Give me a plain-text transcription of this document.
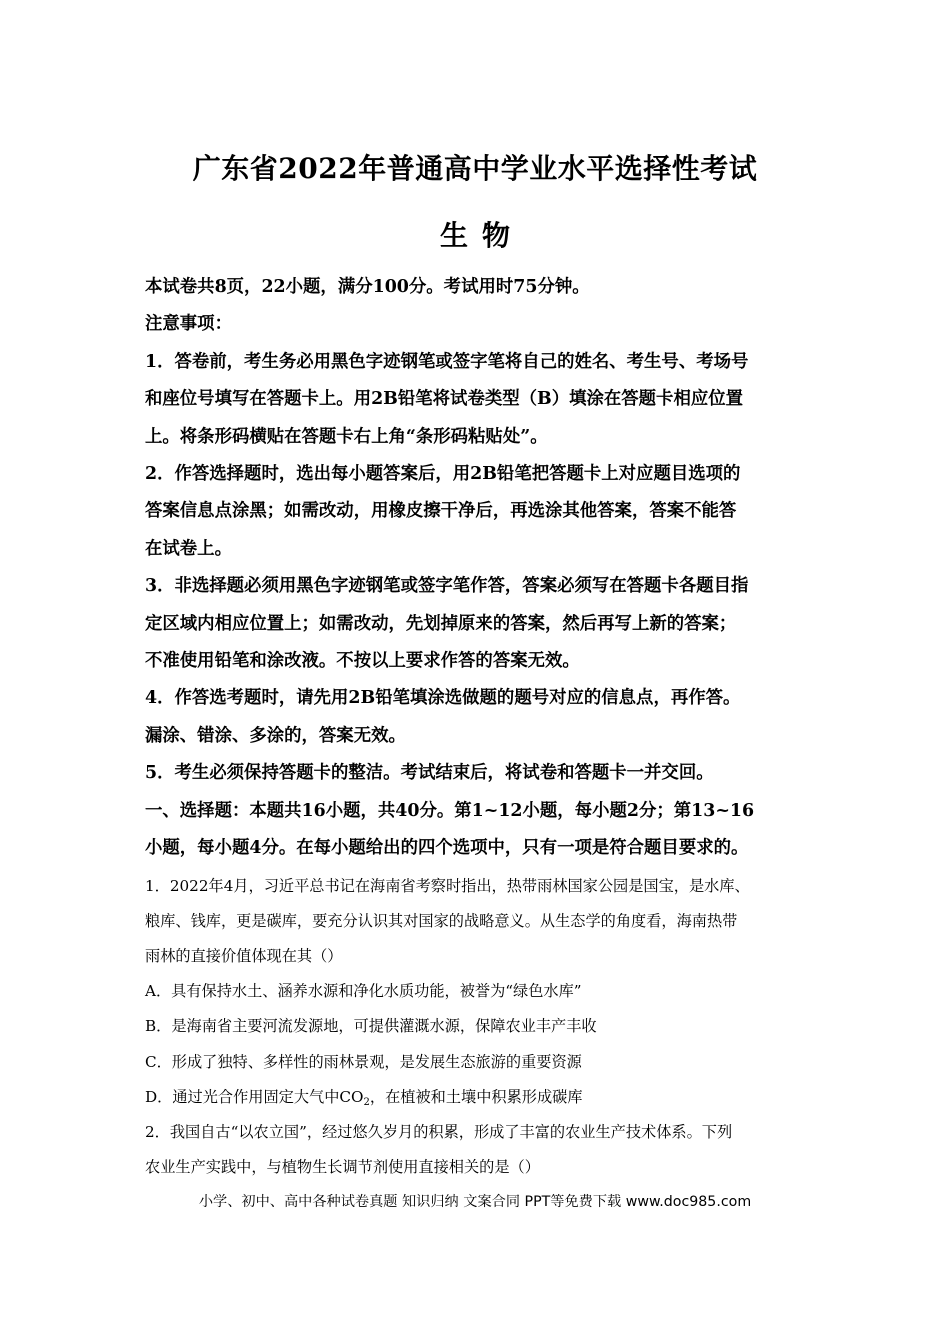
广东省2022年普通高中学业水平选择性考试
生物

本试卷共8页，22小题，满分100分。考试用时75分钟。

注意事项：

1．答卷前，考生务必用黑色字迹钢笔或签字笔将自己的姓名、考生号、考场号

和座位号填写在答题卡上。用2B铅笔将试卷类型（B）填涂在答题卡相应位置

上。将条形码横贴在答题卡右上角“条形码粘贴处”。

2．作答选择题时，选出每小题答案后，用2B铅笔把答题卡上对应题目选项的

答案信息点涂黑；如需改动，用橡皮擦干净后，再选涂其他答案，答案不能答

在试卷上。

3．非选择题必须用黑色字迹钢笔或签字笔作答，答案必须写在答题卡各题目指

定区域内相应位置上；如需改动，先划掉原来的答案，然后再写上新的答案；

不准使用铅笔和涂改液。不按以上要求作答的答案无效。

4．作答选考题时，请先用2B铅笔填涂选做题的题号对应的信息点，再作答。

漏涂、错涂、多涂的，答案无效。

5．考生必须保持答题卡的整洁。考试结束后，将试卷和答题卡一并交回。

一、选择题：本题共16小题，共40分。第1~12小题，每小题2分；第13~16

小题，每小题4分。在每小题给出的四个选项中，只有一项是符合题目要求的。

1．2022年4月，习近平总书记在海南省考察时指出，热带雨林国家公园是国宝，是水库、

粮库、钱库，更是碳库，要充分认识其对国家的战略意义。从生态学的角度看，海南热带

雨林的直接价值体现在其（）

A．具有保持水土、涵养水源和净化水质功能，被誉为“绿色水库”

B．是海南省主要河流发源地，可提供灌溉水源，保障农业丰产丰收

C．形成了独特、多样性的雨林景观，是发展生态旅游的重要资源

D．通过光合作用固定大气中$CO_2$，在植被和土壤中积累形成碳库

2．我国自古“以农立国”，经过悠久岁月的积累，形成了丰富的农业生产技术体系。下列

农业生产实践中，与植物生长调节剂使用直接相关的是（）

小学、初中、高中各种试卷真题 知识归纳 文案合同 PPT等免费下载 www.doc985.com
